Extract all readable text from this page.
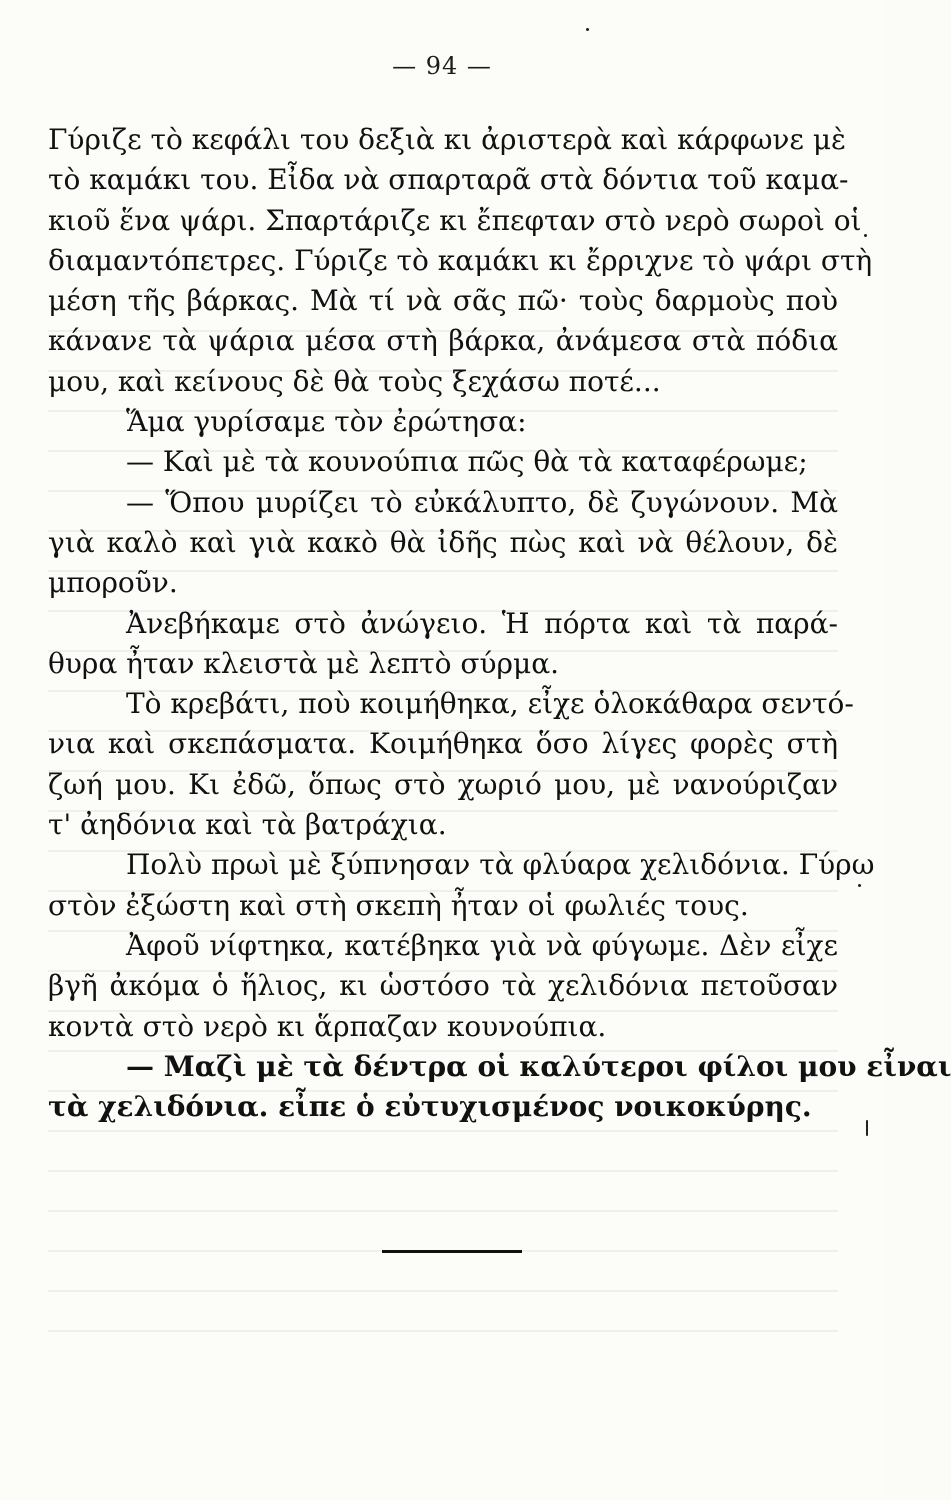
— 94 —
Γύριζε τὸ κεφάλι του δεξιὰ κι ἀριστερὰ καὶ κάρφωνε μὲ
τὸ καμάκι του. Εἶδα νὰ σπαρταρᾶ στὰ δόντια τοῦ καμα-
κιοῦ ἕνα ψάρι. Σπαρτάριζε κι ἔπεφταν στὸ νερὸ σωροὶ οἱ
διαμαντόπετρες. Γύριζε τὸ καμάκι κι ἔρριχνε τὸ ψάρι στὴ
μέση τῆς βάρκας. Μὰ τί νὰ σᾶς πῶ· τοὺς δαρμοὺς ποὺ
κάνανε τὰ ψάρια μέσα στὴ βάρκα, ἀνάμεσα στὰ πόδια
μου, καὶ κείνους δὲ θὰ τοὺς ξεχάσω ποτέ...
Ἅμα γυρίσαμε τὸν ἐρώτησα:
— Καὶ μὲ τὰ κουνούπια πῶς θὰ τὰ καταφέρωμε;
— Ὅπου μυρίζει τὸ εὐκάλυπτο, δὲ ζυγώνουν. Μὰ
γιὰ καλὸ καὶ γιὰ κακὸ θὰ ἰδῆς πὼς καὶ νὰ θέλουν, δὲ
μποροῦν.
Ἀνεβήκαμε στὸ ἀνώγειο. Ἡ πόρτα καὶ τὰ παρά-
θυρα ἦταν κλειστὰ μὲ λεπτὸ σύρμα.
Τὸ κρεβάτι, ποὺ κοιμήθηκα, εἶχε ὁλοκάθαρα σεντό-
νια καὶ σκεπάσματα. Κοιμήθηκα ὅσο λίγες φορὲς στὴ
ζωή μου. Κι ἐδῶ, ὅπως στὸ χωριό μου, μὲ νανούριζαν
τ' ἀηδόνια καὶ τὰ βατράχια.
Πολὺ πρωὶ μὲ ξύπνησαν τὰ φλύαρα χελιδόνια. Γύρω
στὸν ἐξώστη καὶ στὴ σκεπὴ ἦταν οἱ φωλιές τους.
Ἀφοῦ νίφτηκα, κατέβηκα γιὰ νὰ φύγωμε. Δὲν εἶχε
βγῆ ἀκόμα ὁ ἥλιος, κι ὡστόσο τὰ χελιδόνια πετοῦσαν
κοντὰ στὸ νερὸ κι ἅρπαζαν κουνούπια.
— Μαζὶ μὲ τὰ δέντρα οἱ καλύτεροι φίλοι μου εἶναι
τὰ χελιδόνια. εἶπε ὁ εὐτυχισμένος νοικοκύρης.
